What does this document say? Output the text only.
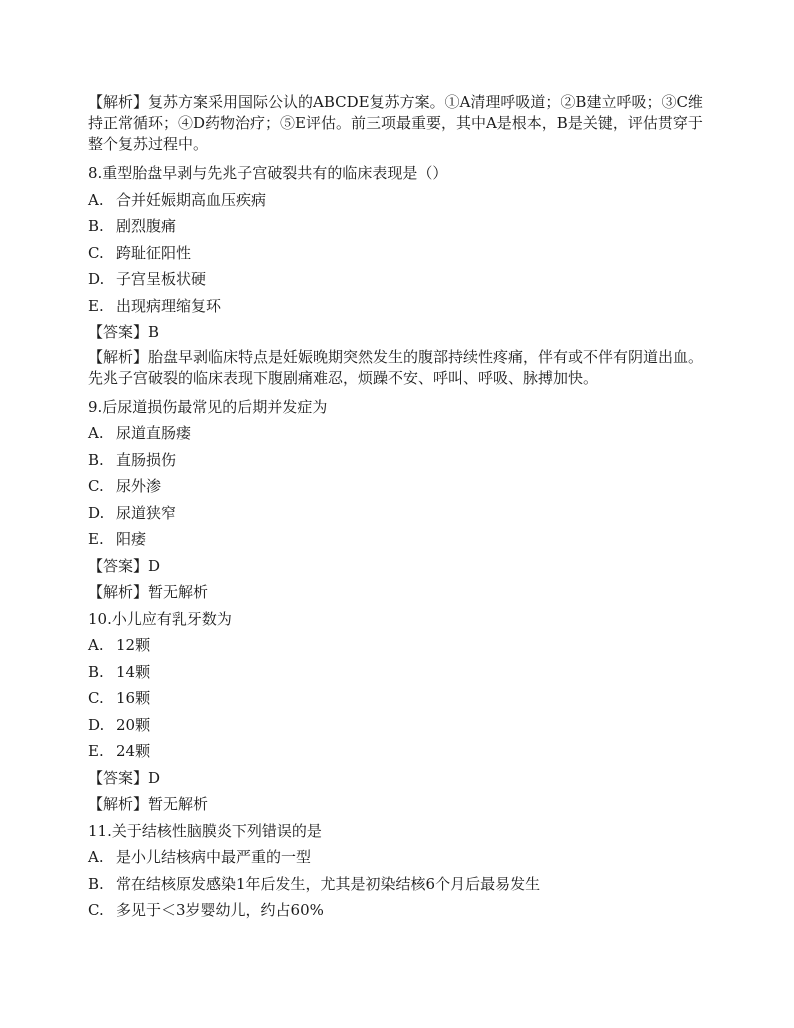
【解析】复苏方案采用国际公认的ABCDE复苏方案。①A清理呼吸道；②B建立呼吸；③C维持正常循环；④D药物治疗；⑤E评估。前三项最重要，其中A是根本，B是关键，评估贯穿于整个复苏过程中。

8.重型胎盘早剥与先兆子宫破裂共有的临床表现是（）

A. 合并妊娠期高血压疾病

B. 剧烈腹痛

C. 跨耻征阳性

D. 子宫呈板状硬

E. 出现病理缩复环

【答案】B

【解析】胎盘早剥临床特点是妊娠晚期突然发生的腹部持续性疼痛，伴有或不伴有阴道出血。先兆子宫破裂的临床表现下腹剧痛难忍，烦躁不安、呼叫、呼吸、脉搏加快。

9.后尿道损伤最常见的后期并发症为

A. 尿道直肠瘘

B. 直肠损伤

C. 尿外渗

D. 尿道狭窄

E. 阳痿

【答案】D

【解析】暂无解析

10.小儿应有乳牙数为

A. 12颗

B. 14颗

C. 16颗

D. 20颗

E. 24颗

【答案】D

【解析】暂无解析

11.关于结核性脑膜炎下列错误的是

A. 是小儿结核病中最严重的一型

B. 常在结核原发感染1年后发生，尤其是初染结核6个月后最易发生

C. 多见于＜3岁婴幼儿，约占60%
